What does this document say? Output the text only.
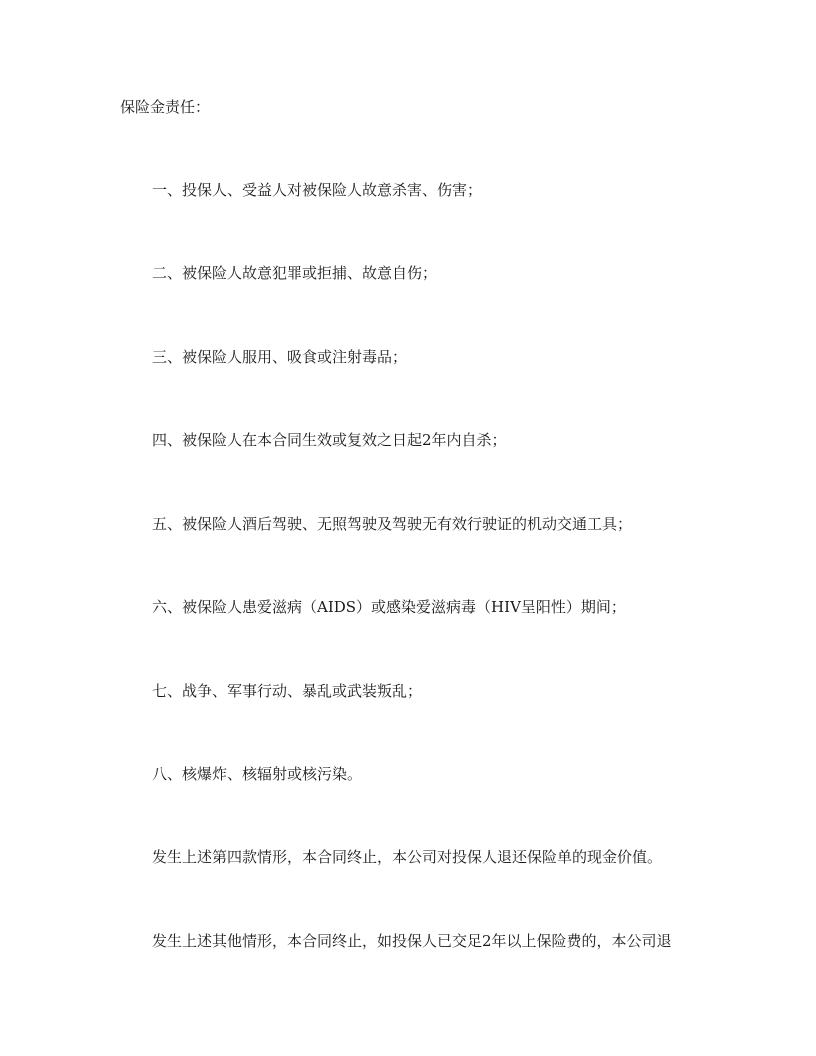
保险金责任：
一、投保人、受益人对被保险人故意杀害、伤害；
二、被保险人故意犯罪或拒捕、故意自伤；
三、被保险人服用、吸食或注射毒品；
四、被保险人在本合同生效或复效之日起2年内自杀；
五、被保险人酒后驾驶、无照驾驶及驾驶无有效行驶证的机动交通工具；
六、被保险人患爱滋病（AIDS）或感染爱滋病毒（HIV呈阳性）期间；
七、战争、军事行动、暴乱或武装叛乱；
八、核爆炸、核辐射或核污染。
发生上述第四款情形，本合同终止，本公司对投保人退还保险单的现金价值。
发生上述其他情形，本合同终止，如投保人已交足2年以上保险费的，本公司退
